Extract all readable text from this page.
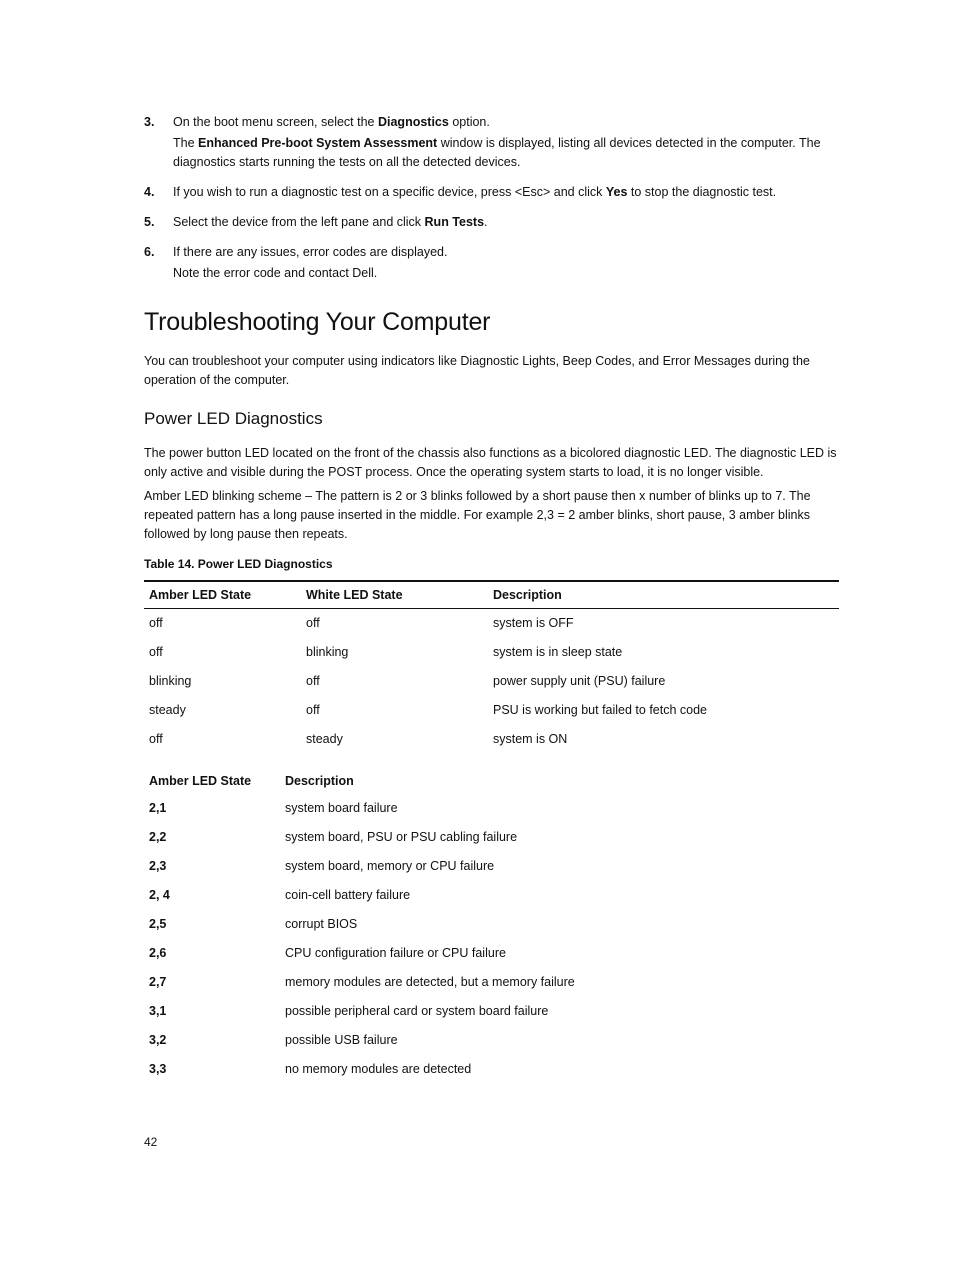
3. On the boot menu screen, select the Diagnostics option.

The Enhanced Pre-boot System Assessment window is displayed, listing all devices detected in the computer. The diagnostics starts running the tests on all the detected devices.

4. If you wish to run a diagnostic test on a specific device, press <Esc> and click Yes to stop the diagnostic test.

5. Select the device from the left pane and click Run Tests.

6. If there are any issues, error codes are displayed.

Note the error code and contact Dell.

Troubleshooting Your Computer

You can troubleshoot your computer using indicators like Diagnostic Lights, Beep Codes, and Error Messages during the operation of the computer.

Power LED Diagnostics

The power button LED located on the front of the chassis also functions as a bicolored diagnostic LED. The diagnostic LED is only active and visible during the POST process. Once the operating system starts to load, it is no longer visible.

Amber LED blinking scheme – The pattern is 2 or 3 blinks followed by a short pause then x number of blinks up to 7. The repeated pattern has a long pause inserted in the middle. For example 2,3 = 2 amber blinks, short pause, 3 amber blinks followed by long pause then repeats.

Table 14. Power LED Diagnostics
Amber LED State	White LED State	Description
off	off	system is OFF
off	blinking	system is in sleep state
blinking	off	power supply unit (PSU) failure
steady	off	PSU is working but failed to fetch code
off	steady	system is ON
Amber LED State	Description
2,1	system board failure
2,2	system board, PSU or PSU cabling failure
2,3	system board, memory or CPU failure
2, 4	coin-cell battery failure
2,5	corrupt BIOS
2,6	CPU configuration failure or CPU failure
2,7	memory modules are detected, but a memory failure
3,1	possible peripheral card or system board failure
3,2	possible USB failure
3,3	no memory modules are detected
42
